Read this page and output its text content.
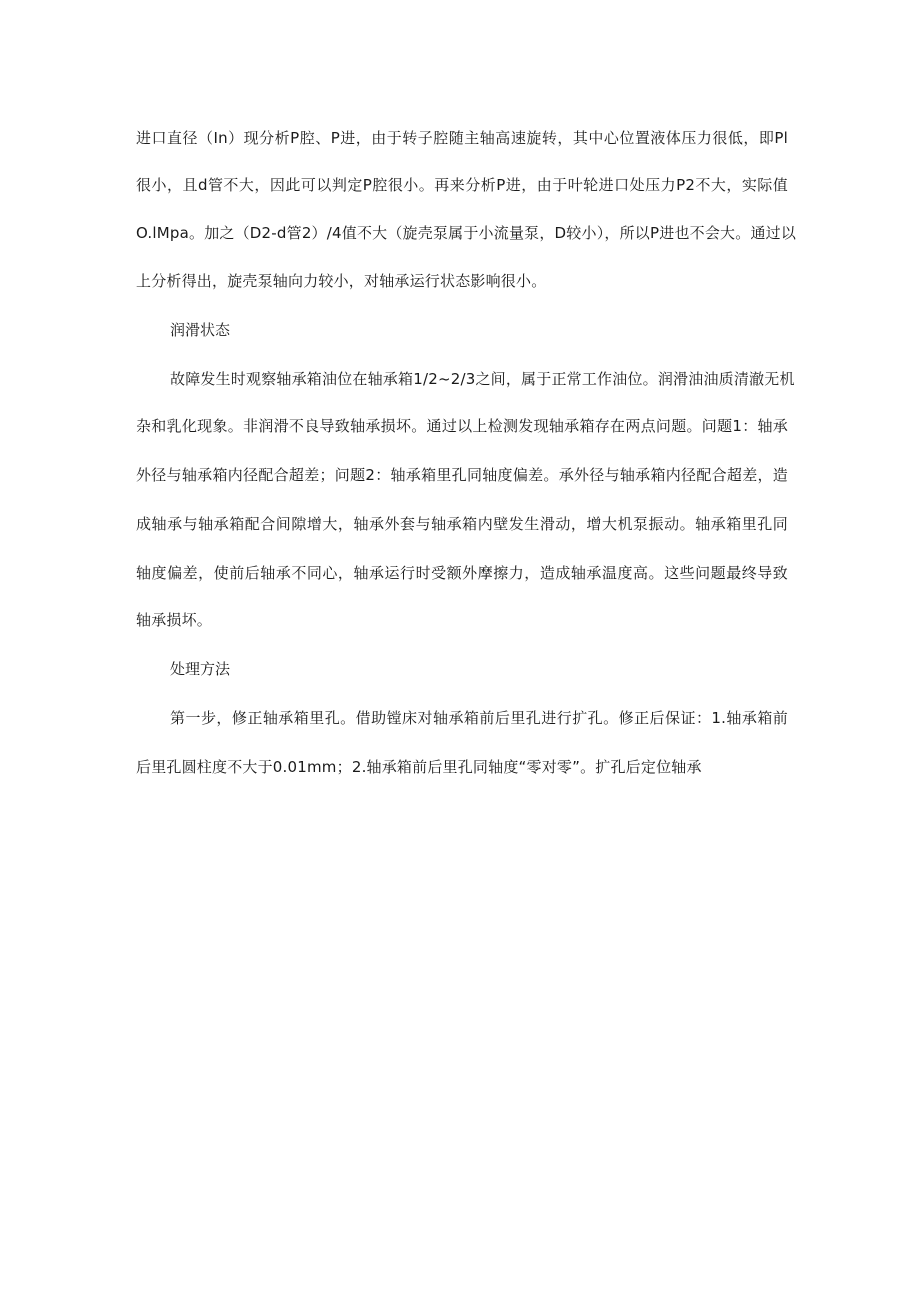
进口直径（In）现分析P腔、P进，由于转子腔随主轴高速旋转，其中心位置液体压力很低，即Pl
很小，且d管不大，因此可以判定P腔很小。再来分析P进，由于叶轮进口处压力P2不大，实际值
O.lMpa。加之（D2-d管2）/4值不大（旋壳泵属于小流量泵，D较小），所以P进也不会大。通过以
上分析得出，旋壳泵轴向力较小，对轴承运行状态影响很小。
润滑状态
故障发生时观察轴承箱油位在轴承箱1/2~2/3之间，属于正常工作油位。润滑油油质清澈无机
杂和乳化现象。非润滑不良导致轴承损坏。通过以上检测发现轴承箱存在两点问题。问题1：轴承
外径与轴承箱内径配合超差；问题2：轴承箱里孔同轴度偏差。承外径与轴承箱内径配合超差，造
成轴承与轴承箱配合间隙增大，轴承外套与轴承箱内壁发生滑动，增大机泵振动。轴承箱里孔同
轴度偏差，使前后轴承不同心，轴承运行时受额外摩擦力，造成轴承温度高。这些问题最终导致
轴承损坏。
处理方法
第一步，修正轴承箱里孔。借助镗床对轴承箱前后里孔进行扩孔。修正后保证：1.轴承箱前
后里孔圆柱度不大于0.01mm；2.轴承箱前后里孔同轴度“零对零”。扩孔后定位轴承
